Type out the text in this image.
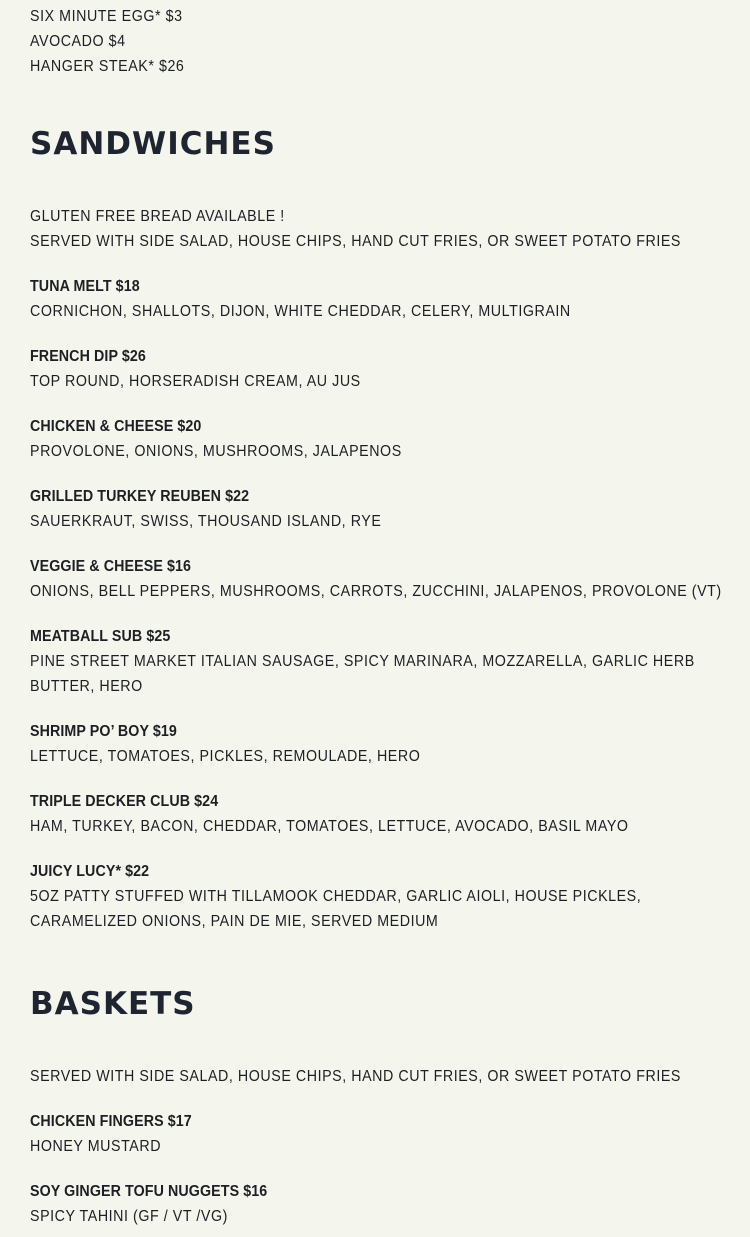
SIX MINUTE EGG* $3
AVOCADO $4
HANGER STEAK* $26
SANDWICHES
GLUTEN FREE BREAD AVAILABLE !
SERVED WITH SIDE SALAD, HOUSE CHIPS, HAND CUT FRIES, OR SWEET POTATO FRIES
TUNA MELT $18
CORNICHON, SHALLOTS, DIJON, WHITE CHEDDAR, CELERY, MULTIGRAIN
FRENCH DIP $26
TOP ROUND, HORSERADISH CREAM, AU JUS
CHICKEN & CHEESE $20
PROVOLONE, ONIONS, MUSHROOMS, JALAPENOS
GRILLED TURKEY REUBEN $22
SAUERKRAUT, SWISS, THOUSAND ISLAND, RYE
VEGGIE & CHEESE $16
ONIONS, BELL PEPPERS, MUSHROOMS, CARROTS, ZUCCHINI, JALAPENOS, PROVOLONE (VT)
MEATBALL SUB $25
PINE STREET MARKET ITALIAN SAUSAGE, SPICY MARINARA, MOZZARELLA, GARLIC HERB BUTTER, HERO
SHRIMP PO’ BOY $19
LETTUCE, TOMATOES, PICKLES, REMOULADE, HERO
TRIPLE DECKER CLUB $24
HAM, TURKEY, BACON, CHEDDAR, TOMATOES, LETTUCE, AVOCADO, BASIL MAYO
JUICY LUCY* $22
5OZ PATTY STUFFED WITH TILLAMOOK CHEDDAR, GARLIC AIOLI, HOUSE PICKLES, CARAMELIZED ONIONS, PAIN DE MIE, SERVED MEDIUM
BASKETS
SERVED WITH SIDE SALAD, HOUSE CHIPS, HAND CUT FRIES, OR SWEET POTATO FRIES
CHICKEN FINGERS $17
HONEY MUSTARD
SOY GINGER TOFU NUGGETS $16
SPICY TAHINI (GF / VT /VG)
